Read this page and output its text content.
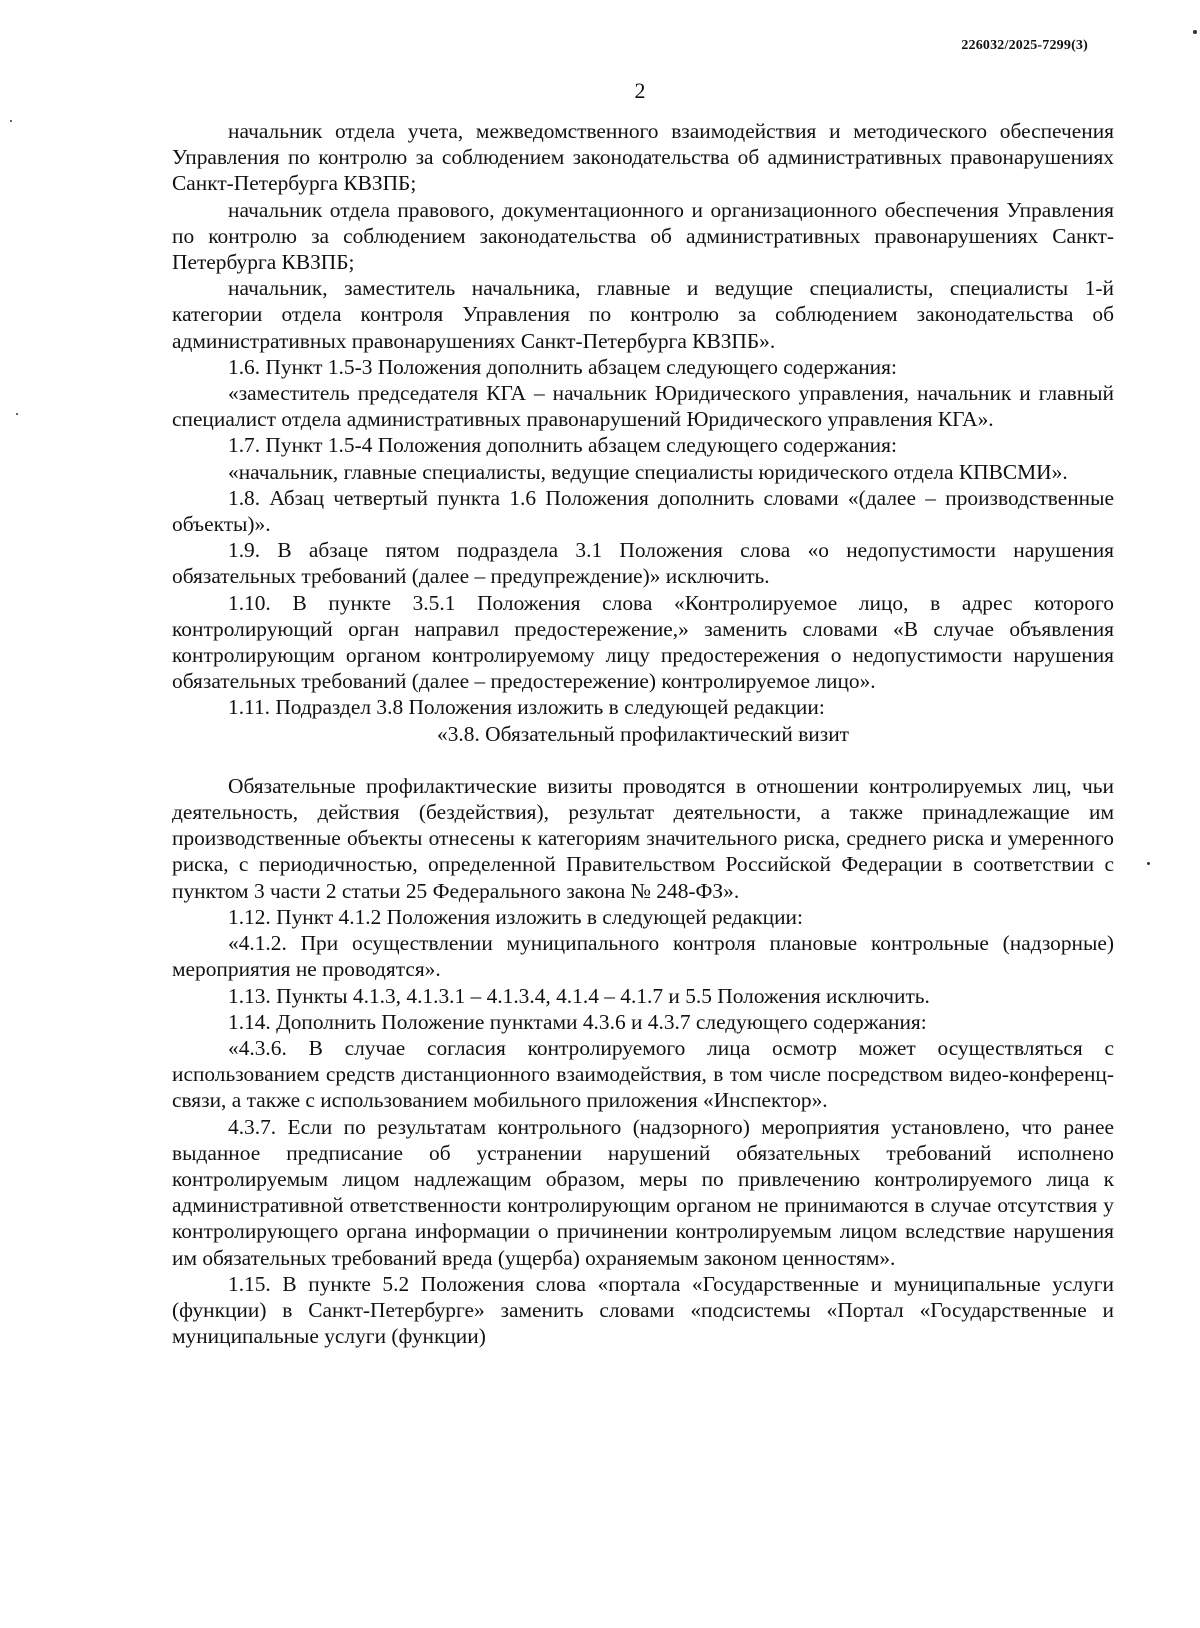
226032/2025-7299(3)
2

начальник отдела учета, межведомственного взаимодействия и методического обеспечения Управления по контролю за соблюдением законодательства об административных правонарушениях Санкт-Петербурга КВЗПБ;

начальник отдела правового, документационного и организационного обеспечения Управления по контролю за соблюдением законодательства об административных правонарушениях Санкт-Петербурга КВЗПБ;

начальник, заместитель начальника, главные и ведущие специалисты, специалисты 1-й категории отдела контроля Управления по контролю за соблюдением законодательства об административных правонарушениях Санкт-Петербурга КВЗПБ».

1.6. Пункт 1.5-3 Положения дополнить абзацем следующего содержания:

«заместитель председателя КГА – начальник Юридического управления, начальник и главный специалист отдела административных правонарушений Юридического управления КГА».

1.7. Пункт 1.5-4 Положения дополнить абзацем следующего содержания:

«начальник, главные специалисты, ведущие специалисты юридического отдела КПВСМИ».

1.8. Абзац четвертый пункта 1.6 Положения дополнить словами «(далее – производственные объекты)».

1.9. В абзаце пятом подраздела 3.1 Положения слова «о недопустимости нарушения обязательных требований (далее – предупреждение)» исключить.

1.10. В пункте 3.5.1 Положения слова «Контролируемое лицо, в адрес которого контролирующий орган направил предостережение,» заменить словами «В случае объявления контролирующим органом контролируемому лицу предостережения о недопустимости нарушения обязательных требований (далее – предостережение) контролируемое лицо».

1.11. Подраздел 3.8 Положения изложить в следующей редакции:

«3.8. Обязательный профилактический визит

Обязательные профилактические визиты проводятся в отношении контролируемых лиц, чьи деятельность, действия (бездействия), результат деятельности, а также принадлежащие им производственные объекты отнесены к категориям значительного риска, среднего риска и умеренного риска, с периодичностью, определенной Правительством Российской Федерации в соответствии с пунктом 3 части 2 статьи 25 Федерального закона № 248-ФЗ».

1.12. Пункт 4.1.2 Положения изложить в следующей редакции:

«4.1.2. При осуществлении муниципального контроля плановые контрольные (надзорные) мероприятия не проводятся».

1.13. Пункты 4.1.3, 4.1.3.1 – 4.1.3.4, 4.1.4 – 4.1.7 и 5.5 Положения исключить.

1.14. Дополнить Положение пунктами 4.3.6 и 4.3.7 следующего содержания:

«4.3.6. В случае согласия контролируемого лица осмотр может осуществляться с использованием средств дистанционного взаимодействия, в том числе посредством видео-конференц-связи, а также с использованием мобильного приложения «Инспектор».

4.3.7. Если по результатам контрольного (надзорного) мероприятия установлено, что ранее выданное предписание об устранении нарушений обязательных требований исполнено контролируемым лицом надлежащим образом, меры по привлечению контролируемого лица к административной ответственности контролирующим органом не принимаются в случае отсутствия у контролирующего органа информации о причинении контролируемым лицом вследствие нарушения им обязательных требований вреда (ущерба) охраняемым законом ценностям».

1.15. В пункте 5.2 Положения слова «портала «Государственные и муниципальные услуги (функции) в Санкт-Петербурге» заменить словами «подсистемы «Портал «Государственные и муниципальные услуги (функции)
